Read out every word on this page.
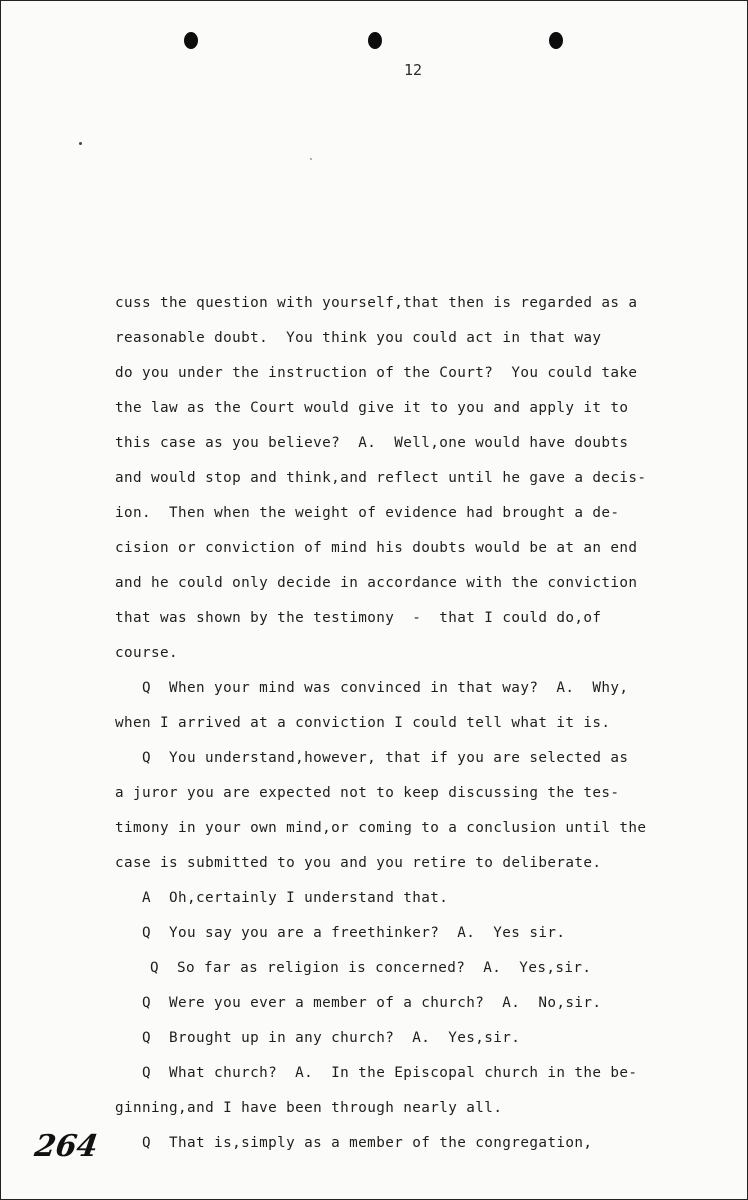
12

cuss the question with yourself,that then is regarded as a

reasonable doubt.  You think you could act in that way

do you under the instruction of the Court?  You could take

the law as the Court would give it to you and apply it to

this case as you believe?  A.  Well,one would have doubts

and would stop and think,and reflect until he gave a decis-

ion.  Then when the weight of evidence had brought a de-

cision or conviction of mind his doubts would be at an end

and he could only decide in accordance with the conviction

that was shown by the testimony  -  that I could do,of

course.

Q  When your mind was convinced in that way?  A.  Why,

when I arrived at a conviction I could tell what it is.

Q  You understand,however, that if you are selected as

a juror you are expected not to keep discussing the tes-

timony in your own mind,or coming to a conclusion until the

case is submitted to you and you retire to deliberate.

A  Oh,certainly I understand that.

Q  You say you are a freethinker?  A.  Yes sir.

Q  So far as religion is concerned?  A.  Yes,sir.

Q  Were you ever a member of a church?  A.  No,sir.

Q  Brought up in any church?  A.  Yes,sir.

Q  What church?  A.  In the Episcopal church in the be-

ginning,and I have been through nearly all.

Q  That is,simply as a member of the congregation,

264
